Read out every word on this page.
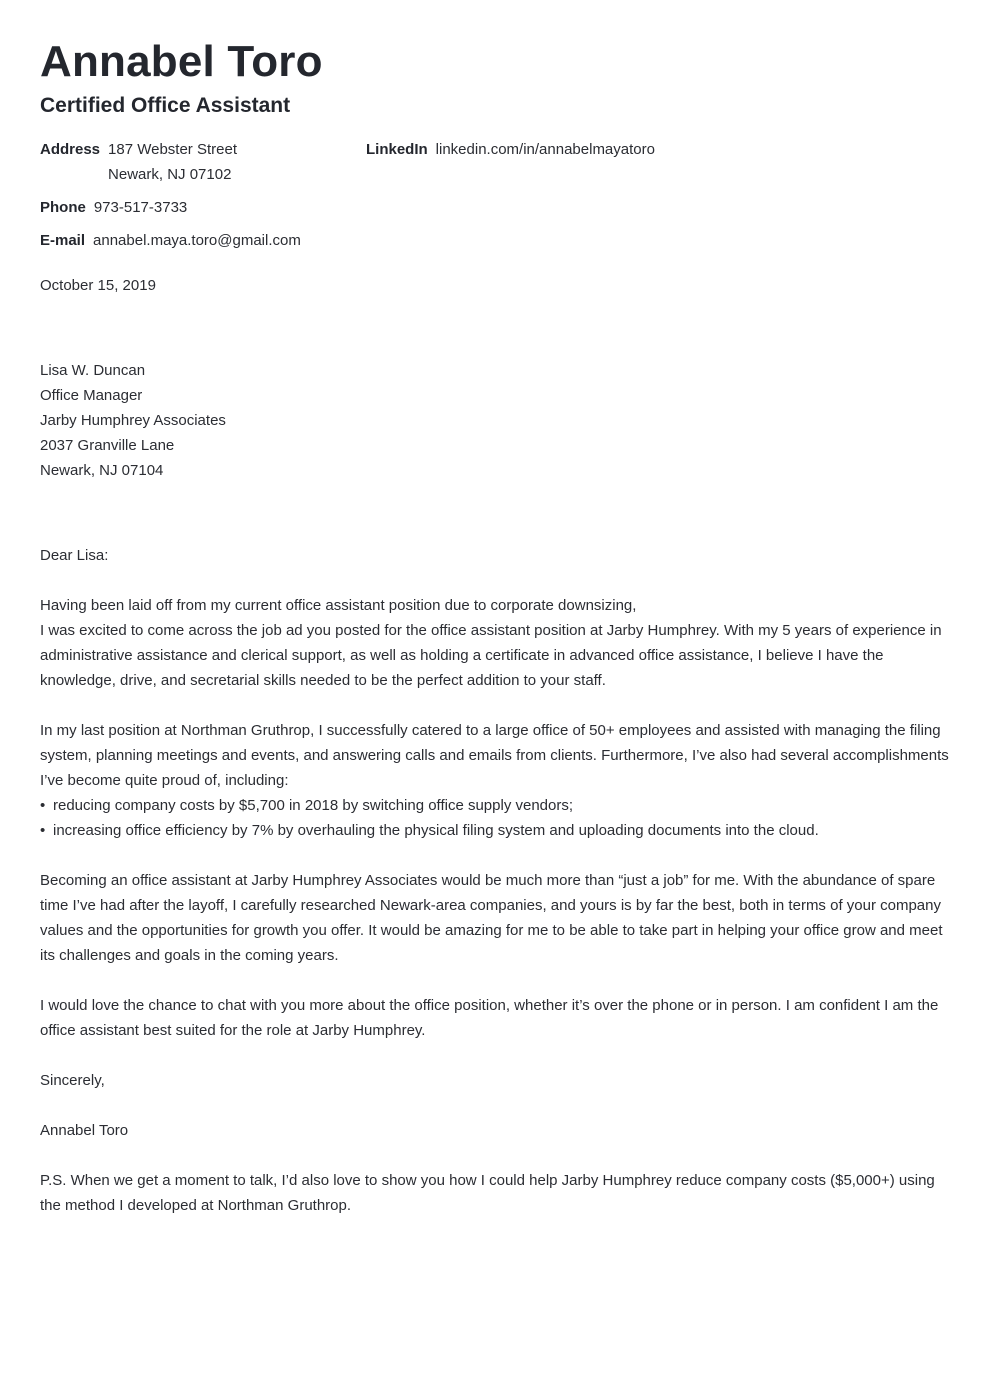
Annabel Toro
Certified Office Assistant
Address 187 Webster Street
Newark, NJ 07102
LinkedIn linkedin.com/in/annabelmayatoro
Phone 973-517-3733
E-mail annabel.maya.toro@gmail.com
October 15, 2019
Lisa W. Duncan
Office Manager
Jarby Humphrey Associates
2037 Granville Lane
Newark, NJ 07104
Dear Lisa:

Having been laid off from my current office assistant position due to corporate downsizing,

I was excited to come across the job ad you posted for the office assistant position at Jarby Humphrey. With my 5 years of experience in administrative assistance and clerical support, as well as holding a certificate in advanced office assistance, I believe I have the knowledge, drive, and secretarial skills needed to be the perfect addition to your staff.

In my last position at Northman Gruthrop, I successfully catered to a large office of 50+ employees and assisted with managing the filing system, planning meetings and events, and answering calls and emails from clients. Furthermore, I’ve also had several accomplishments I’ve become quite proud of, including:

• reducing company costs by $5,700 in 2018 by switching office supply vendors;
• increasing office efficiency by 7% by overhauling the physical filing system and uploading documents into the cloud.
Becoming an office assistant at Jarby Humphrey Associates would be much more than “just a job” for me. With the abundance of spare time I’ve had after the layoff, I carefully researched Newark-area companies, and yours is by far the best, both in terms of your company values and the opportunities for growth you offer. It would be amazing for me to be able to take part in helping your office grow and meet its challenges and goals in the coming years.
I would love the chance to chat with you more about the office position, whether it’s over the phone or in person. I am confident I am the office assistant best suited for the role at Jarby Humphrey.
Sincerely,
Annabel Toro
P.S. When we get a moment to talk, I’d also love to show you how I could help Jarby Humphrey reduce company costs ($5,000+) using the method I developed at Northman Gruthrop.
